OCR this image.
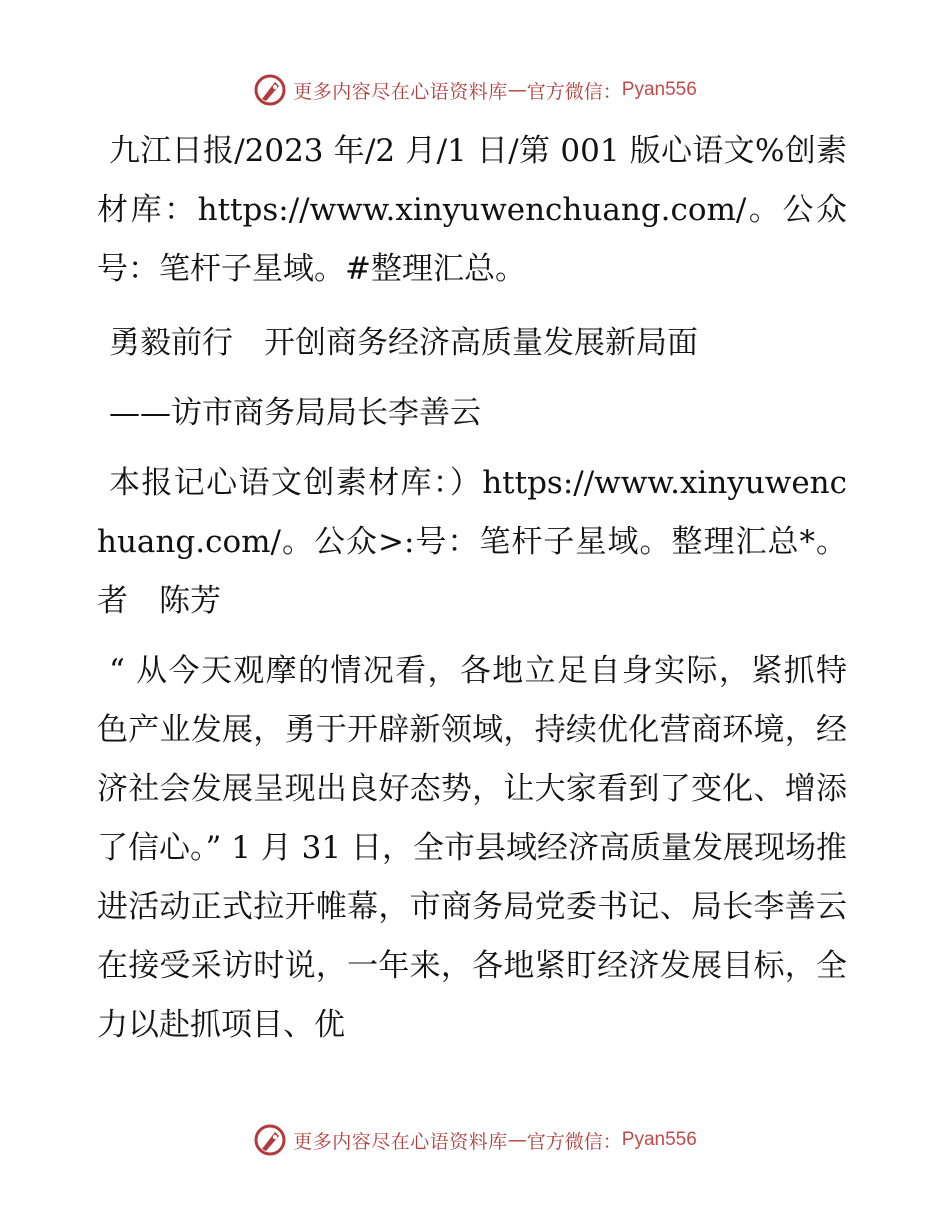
更多内容尽在心语资料库 — 官方微信 ： Pyan556

九江日报/2023 年/2 月/1 日/第 001 版心语文%创素材库：https://www.xinyuwenchuang.com/。公众号：笔杆子星域。#整理汇总。

勇毅前行　开创商务经济高质量发展新局面

——访市商务局局长李善云

本报记心语文创素材库：）https://www.xinyuwenchuang.com/。公众>:号：笔杆子星域。整理汇总*。者　陈芳

“ 从今天观摩的情况看，各地立足自身实际，紧抓特色产业发展，勇于开辟新领域，持续优化营商环境，经济社会发展呈现出良好态势，让大家看到了变化、增添了信心。” 1 月 31 日，全市县域经济高质量发展现场推进活动正式拉开帷幕，市商务局党委书记、局长李善云在接受采访时说，一年来，各地紧盯经济发展目标，全力以赴抓项目、优

更多内容尽在心语资料库 — 官方微信 ： Pyan556
